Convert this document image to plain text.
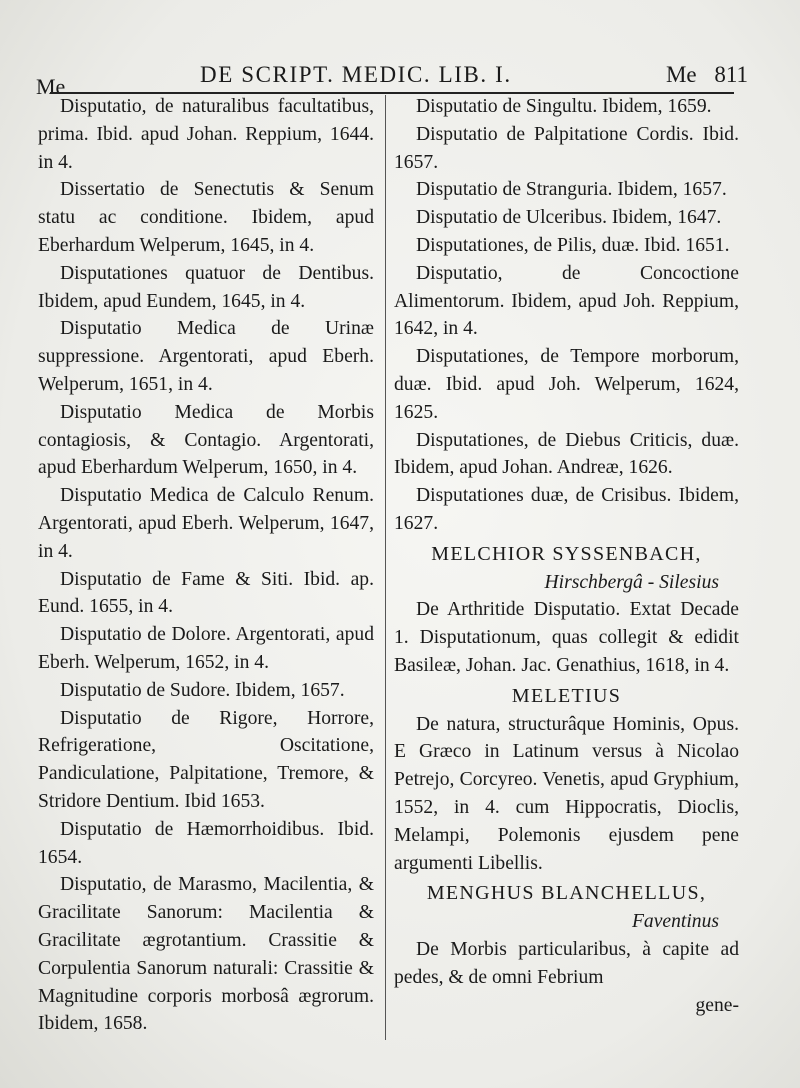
Me	DE SCRIPT. MEDIC. LIB. I.	Me 811

Disputatio, de naturalibus facultatibus, prima. Ibid. apud Johan. Reppium, 1644. in 4.

Dissertatio de Senectutis & Senum statu ac conditione. Ibidem, apud Eberhardum Welperum, 1645, in 4.

Disputationes quatuor de Dentibus. Ibidem, apud Eundem, 1645, in 4.

Disputatio Medica de Urinæ suppressione. Argentorati, apud Eberh. Welperum, 1651, in 4.

Disputatio Medica de Morbis contagiosis, & Contagio. Argentorati, apud Eberhardum Welperum, 1650, in 4.

Disputatio Medica de Calculo Renum. Argentorati, apud Eberh. Welperum, 1647, in 4.

Disputatio de Fame & Siti. Ibid. ap. Eund. 1655, in 4.

Disputatio de Dolore. Argentorati, apud Eberh. Welperum, 1652, in 4.

Disputatio de Sudore. Ibidem, 1657.

Disputatio de Rigore, Horrore, Refrigeratione, Oscitatione, Pandiculatione, Palpitatione, Tremore, & Stridore Dentium. Ibid 1653.

Disputatio de Hæmorrhoidibus. Ibid. 1654.

Disputatio, de Marasmo, Macilentia, & Gracilitate Sanorum: Macilentia & Gracilitate ægrotantium. Crassitie & Corpulentia Sanorum naturali: Crassitie & Magnitudine corporis morbosâ ægrorum. Ibidem, 1658.

Disputatio de Singultu. Ibidem, 1659.

Disputatio de Palpitatione Cordis. Ibid. 1657.

Disputatio de Stranguria. Ibidem, 1657.

Disputatio de Ulceribus. Ibidem, 1647.

Disputationes, de Pilis, duæ. Ibid. 1651.

Disputatio, de Concoctione Alimentorum. Ibidem, apud Joh. Reppium, 1642, in 4.

Disputationes, de Tempore morborum, duæ. Ibid. apud Joh. Welperum, 1624, 1625.

Disputationes, de Diebus Criticis, duæ. Ibidem, apud Johan. Andreæ, 1626.

Disputationes duæ, de Crisibus. Ibidem, 1627.

MELCHIOR SYSSENBACH,

Hirschbergâ - Silesius

De Arthritide Disputatio. Extat Decade 1. Disputationum, quas collegit & edidit Basileæ, Johan. Jac. Genathius, 1618, in 4.

MELETIUS

De natura, structurâque Hominis, Opus. E Græco in Latinum versus à Nicolao Petrejo, Corcyreo. Venetis, apud Gryphium, 1552, in 4. cum Hippocratis, Dioclis, Melampi, Polemonis ejusdem pene argumenti Libellis.

MENGHUS BLANCHELLUS,

Faventinus

De Morbis particularibus, à capite ad pedes, & de omni Febrium

gene-
